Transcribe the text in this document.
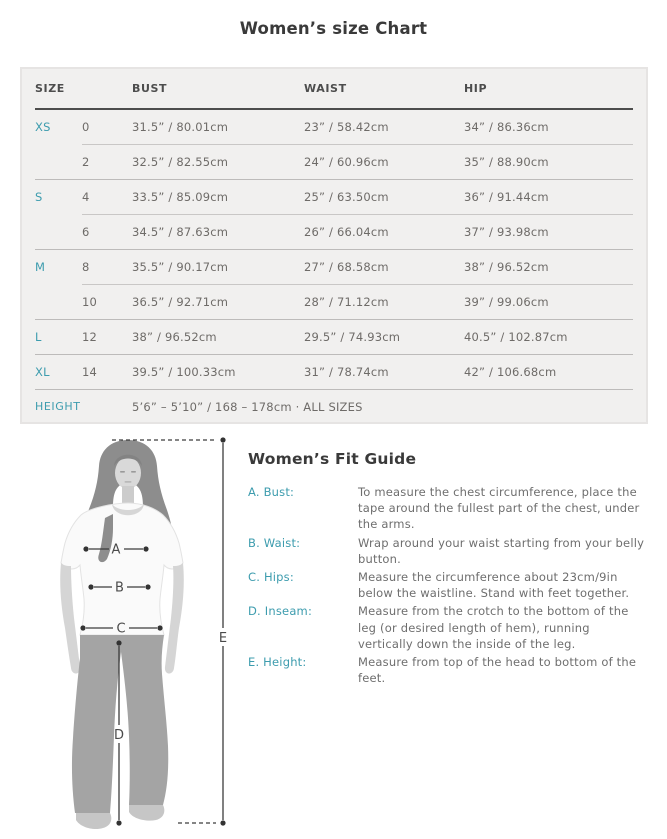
Women’s size Chart
SIZE	BUST	WAIST	HIP
XS	0	31.5” / 80.01cm	23” / 58.42cm	34” / 86.36cm
2	32.5” / 82.55cm	24” / 60.96cm	35” / 88.90cm
S	4	33.5” / 85.09cm	25” / 63.50cm	36” / 91.44cm
6	34.5” / 87.63cm	26” / 66.04cm	37” / 93.98cm
M	8	35.5” / 90.17cm	27” / 68.58cm	38” / 96.52cm
10	36.5” / 92.71cm	28” / 71.12cm	39” / 99.06cm
L	12	38” / 96.52cm	29.5” / 74.93cm	40.5” / 102.87cm
XL	14	39.5” / 100.33cm	31” / 78.74cm	42” / 106.68cm
HEIGHT	5’6” – 5’10” / 168 – 178cm · ALL SIZES
A
B
C
D
E
Women’s Fit Guide
A. Bust:	To measure the chest circumference, place the tape around the fullest part of the chest, under the arms.
B. Waist:	Wrap around your waist starting from your belly button.
C. Hips:	Measure the circumference about 23cm/9in below the waistline. Stand with feet together.
D. Inseam:	Measure from the crotch to the bottom of the leg (or desired length of hem), running vertically down the inside of the leg.
E. Height:	Measure from top of the head to bottom of the feet.
